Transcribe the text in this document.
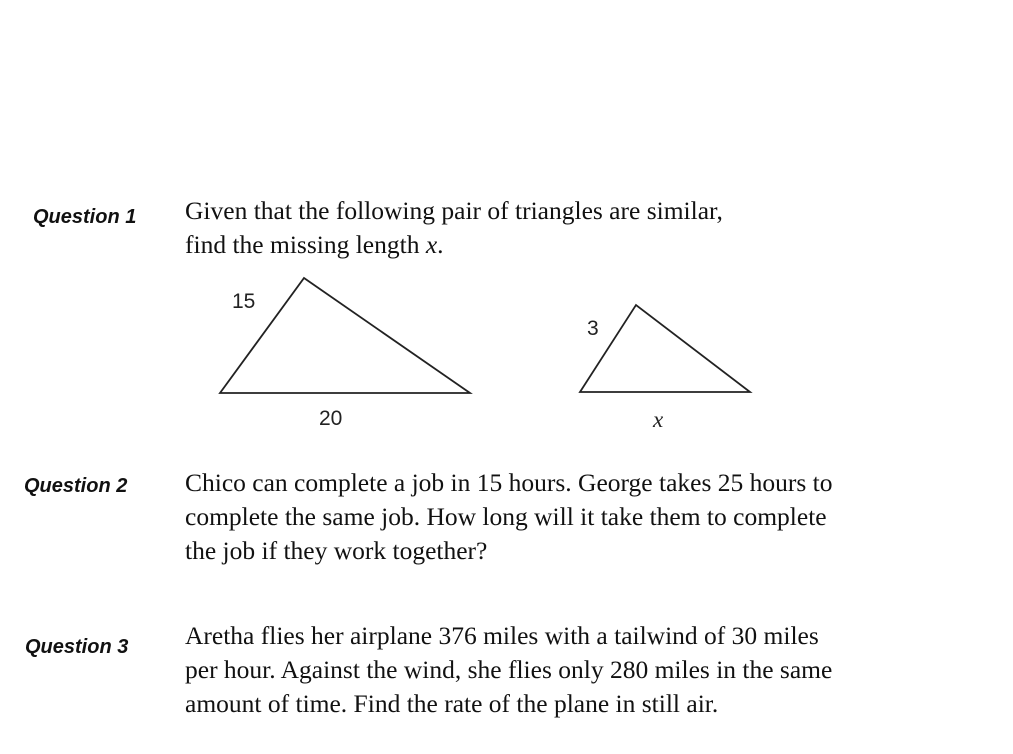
Question 1 Given that the following pair of triangles are similar,
find the missing length x.
15
20
3
x
Question 2 Chico can complete a job in 15 hours. George takes 25 hours to
complete the same job. How long will it take them to complete
the job if they work together?
Question 3 Aretha flies her airplane 376 miles with a tailwind of 30 miles
per hour. Against the wind, she flies only 280 miles in the same
amount of time. Find the rate of the plane in still air.
